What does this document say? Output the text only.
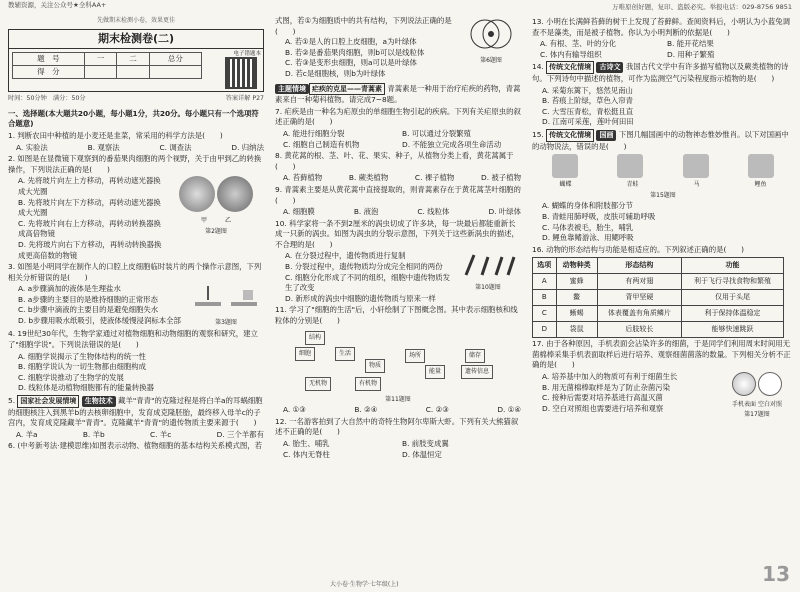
教辅资源，关注公众号★全科AA+	万唯原创好题，复印、盗版必究。举报电话：029-8756 9851
先做期末检测小卷，效果更佳
期末检测卷(二)
题　号	一	二	总分
得　分			
电子错题本
时间：50分钟　满分：50分	答案详解 P27
一、选择题(本大题共20小题，每小题1分，共20分。每小题只有一个选项符合题意)
1. 判断农田中种植的是小麦还是韭菜，常采用的科学方法是(　　)
A. 实验法	B. 观察法	C. 调查法	D. 归纳法
2. 如图是在显微镜下观察到的番茄果肉细胞的两个视野，关于由甲到乙的转换操作，下列说法正确的是(　　)
A. 先将玻片向左上方移动，再转动遮光器换成大光圈
B. 先将玻片向左下方移动，再转动遮光器换成大光圈
C. 先将玻片向右上方移动，再转动转换器换成高倍物镜
D. 先将玻片向右下方移动，再转动转换器换成更高倍数的物镜

甲　　　	乙
第2题图
3. 如图是小明同学在制作人的口腔上皮细胞临时装片的两个操作示意图，下列相关分析错误的是(　　)
A. a步骤滴加的液体是生理盐水
B. a步骤的主要目的是维持细胞的正常形态
C. b步骤中滴液的主要目的是避免细胞失水
D. b步骤用吸水纸吸引，使液体缓慢浸润标本全部	第3题图
4. 19世纪30年代，生物学家通过对植物细胞和动物细胞的观察和研究，建立了"细胞学说"。下列说法错误的是(　　)
A. 细胞学说揭示了生物体结构的统一性
B. 细胞学说认为一切生物都由细胞构成
C. 细胞学说推动了生物学的发展
D. 线粒体是动植物细胞都有的能量转换器
5. 国家社会发展情境 生物技术 藏羊"青青"的克隆过程是将白羊a的耳蜗细胞的细胞核注入到黑羊b的去核卵细胞中，发育成克隆胚胎，最终移入母羊c的子宫内，发育成克隆藏羊"青青"。克隆藏羊"青青"的遗传物质主要来源于(　　)
A. 羊a	B. 羊b	C. 羊c	D. 三个羊都有
6. (中考新考法·建模思维)如图表示动物、植物细胞的基本结构关系模式图，若
式图，若①为细胞质中的共有结构，下列说法正确的是(　　)
A. 若①是人的口腔上皮细胞，a为叶绿体
B. 若②是番茄果肉细胞，则b可以是线粒体
C. 若③是变形虫细胞，则a可以是叶绿体
D. 若c是细胞核，则b为叶绿体
第6题图
主题情境 疟疾的克星——青蒿素 青蒿素是一种用于治疗疟疾的药物，青蒿素来自一种菊科植物。请完成7~8题。
7. 疟疾是由一种名为疟原虫的单细胞生物引起的疾病。下列有关疟原虫的叙述正确的是(　　)
A. 能进行细胞分裂	B. 可以通过分裂繁殖
C. 细胞自己制造有机物	D. 不能独立完成各项生命活动
8. 黄花蒿的根、茎、叶、花、果实、种子，从植物分类上看，黄花蒿属于(　　)
A. 苔藓植物	B. 蕨类植物	C. 裸子植物	D. 被子植物
9. 青蒿素主要是从黄花蒿中直接提取的，则青蒿素存在于黄花蒿茎叶细胞的(　　)
A. 细胞膜	B. 液泡	C. 线粒体	D. 叶绿体
10. 科学家将一条不到2厘米的涡虫切成了许多块，每一块最后都能重新长成一只新的涡虫。如图为涡虫的分裂示意图，下列关于这些新涡虫的描述，不合理的是(　　)
A. 在分裂过程中，遗传物质进行复制
B. 分裂过程中，遗传物质均分成完全相同的两份
C. 细胞分化形成了不同的组织，细胞中遗传物质发生了改变
D. 新形成的涡虫中细胞的遗传物质与原来一样
第10题图
11. 学习了"细胞的生活"后，小轩绘制了下图概念图。其中表示细胞核和线粒体的分别是(　　)
结构
细胞	生活
物质
场所
能量
储存
遗传信息
无机物	有机物
第11题图
A. ①③	B. ②④	C. ②③	D. ①④
12. 一名游客拍到了大自然中的奇特生物阿尔卑斯大虾。下列有关大熊猫叙述不正确的是(　　)
A. 胎生、哺乳	B. 前肢变成翼
C. 体内无脊柱	D. 体温恒定
13. 小明在长满鲜苔藓的树干上发现了苔藓鲜。查阅资料后，小明认为小蓝兔调查不是藻类，而是被子植物。你认为小明判断的依据是(　　)
A. 有根、茎、叶的分化	B. 能开花结果
C. 体内有输导组织	D. 用种子繁殖
14. 传统文化情境 古诗文 我国古代文学中有许多描写植物以及蕨类植物的诗句。下列诗句中描述的植物，可作为监测空气污染程度指示植物的是(　　)
A. 采菊东篱下，悠然见南山
B. 苔痕上阶绿，草色入帘青
C. 大雪压青松，青松挺且直
D. 江南可采莲，莲叶何田田
15. 传统文化情境 国画 下图几幅国画中的动物神态惟妙惟肖。以下对国画中的动物说法，错误的是(　　)
蝴蝶	青蛙	马	鲤鱼
第15题图
A. 蝴蝶的身体和附肢都分节
B. 青蛙用肺呼吸，皮肤可辅助呼吸
C. 马体表被毛，胎生，哺乳
D. 鲤鱼靠鳍游泳、用鳃呼吸
16. 动物的形态结构与功能是相适应的。下列叙述正确的是(　　)
选项	动物种类	形态结构	功能
A	蜜蜂	有两对翅	利于飞行寻找食物和繁殖
B	鳖	背甲坚硬	仅用于头尾
C	蜥蜴	体表覆盖有角质鳞片	利于保持体温稳定
D	袋鼠	后肢较长	能够快速跳跃
17. 由于各种原因，手机表面会沾染许多的细菌，于是同学们利用周末时间用无菌棉棒采集手机表面取样后进行培养、观察细菌菌落的数量。下列相关分析不正确的是(　　)
A. 培养基中加入的物质可有利于细菌生长
B. 用无菌棉棒取样是为了防止杂菌污染
C. 接种后需要对培养基进行高温灭菌
D. 空白对照组也需要进行培养和观察
	手机表面 空白对照
第17题图
大小卷·生物学·七年级(上)	13
